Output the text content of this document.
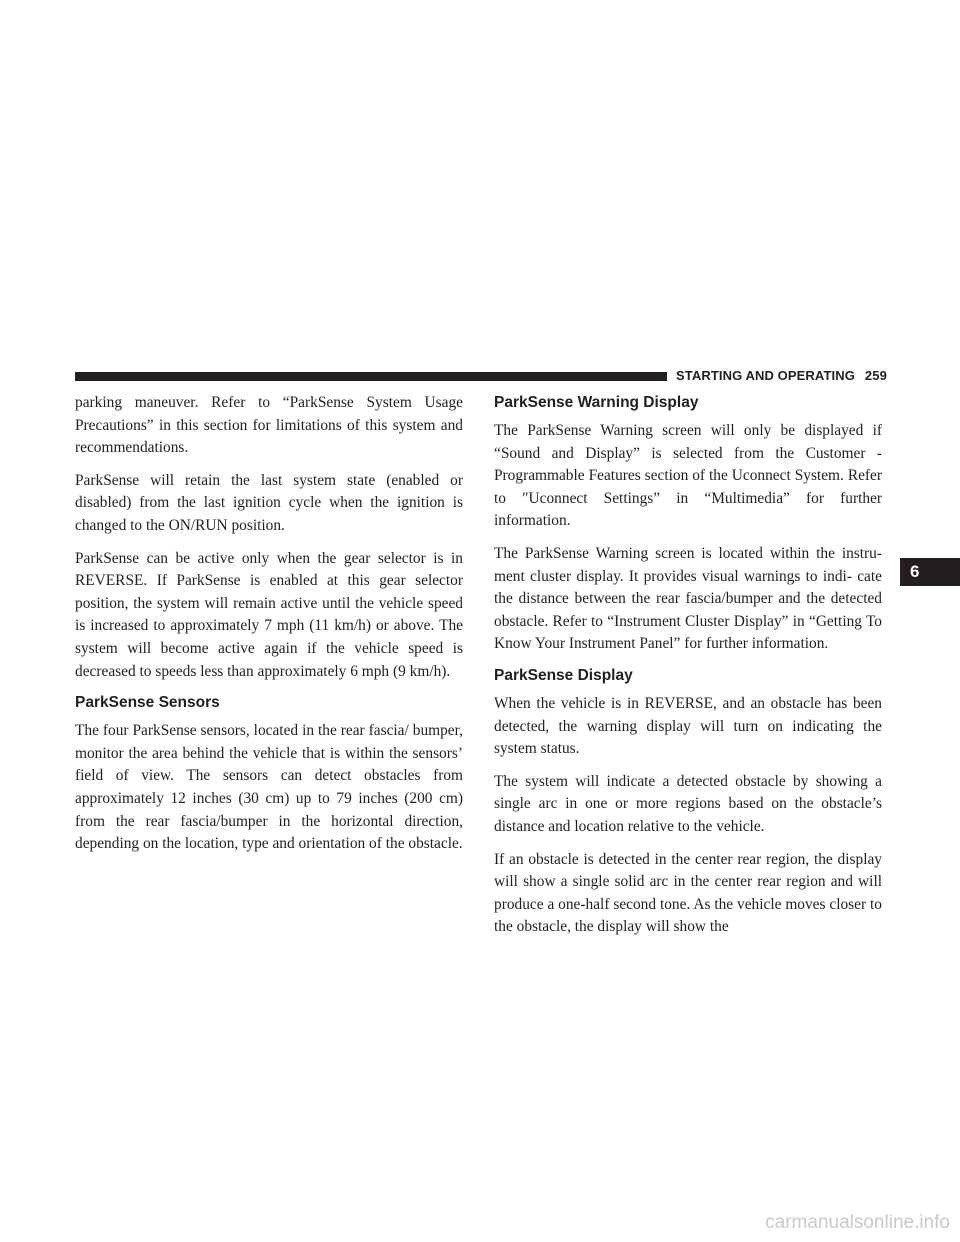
STARTING AND OPERATING 259

parking maneuver. Refer to “ParkSense System Usage Precautions” in this section for limitations of this system and recommendations.

ParkSense will retain the last system state (enabled or disabled) from the last ignition cycle when the ignition is changed to the ON/RUN position.

ParkSense can be active only when the gear selector is in REVERSE. If ParkSense is enabled at this gear selector position, the system will remain active until the vehicle speed is increased to approximately 7 mph (11 km/h) or above. The system will become active again if the vehicle speed is decreased to speeds less than approximately 6 mph (9 km/h).

ParkSense Sensors

The four ParkSense sensors, located in the rear fascia/ bumper, monitor the area behind the vehicle that is within the sensors’ field of view. The sensors can detect obstacles from approximately 12 inches (30 cm) up to 79 inches (200 cm) from the rear fascia/bumper in the horizontal direction, depending on the location, type and orientation of the obstacle.

ParkSense Warning Display

The ParkSense Warning screen will only be displayed if “Sound and Display” is selected from the Customer - Programmable Features section of the Uconnect System. Refer to ″Uconnect Settings” in “Multimedia” for further information.

The ParkSense Warning screen is located within the instru- ment cluster display. It provides visual warnings to indi- cate the distance between the rear fascia/bumper and the detected obstacle. Refer to “Instrument Cluster Display” in “Getting To Know Your Instrument Panel” for further information.

ParkSense Display

When the vehicle is in REVERSE, and an obstacle has been detected, the warning display will turn on indicating the system status.

The system will indicate a detected obstacle by showing a single arc in one or more regions based on the obstacle’s distance and location relative to the vehicle.

If an obstacle is detected in the center rear region, the display will show a single solid arc in the center rear region and will produce a one-half second tone. As the vehicle moves closer to the obstacle, the display will show the

6
carmanualsonline.info
